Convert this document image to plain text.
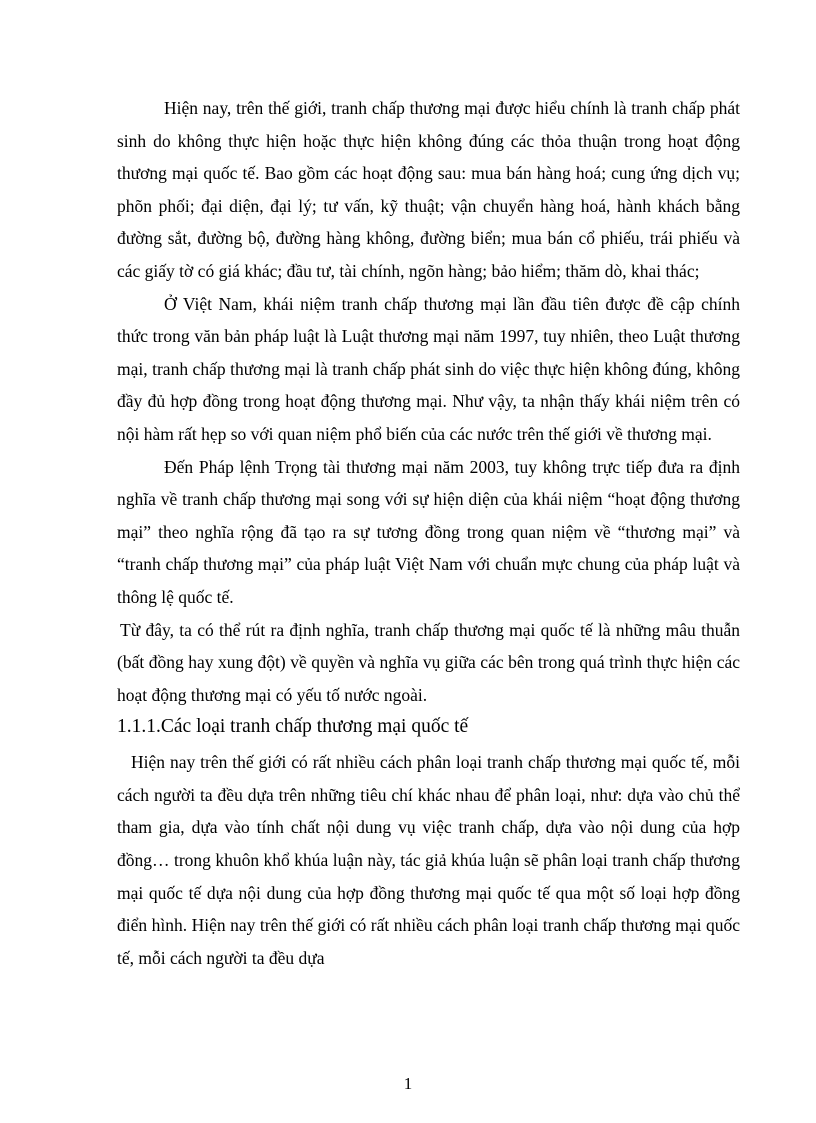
Hiện nay, trên thế giới, tranh chấp thương mại được hiểu chính là tranh chấp phát sinh do không thực hiện hoặc thực hiện không đúng các thỏa thuận trong hoạt động thương mại quốc tế. Bao gồm các hoạt động sau: mua bán hàng hoá; cung ứng dịch vụ; phõn phối; đại diện, đại lý; tư vấn, kỹ thuật; vận chuyển hàng hoá, hành khách bằng đường sắt, đường bộ, đường hàng không, đường biển; mua bán cổ phiếu, trái phiếu và các giấy tờ có giá khác; đầu tư, tài chính, ngõn hàng; bảo hiểm; thăm dò, khai thác;

Ở Việt Nam, khái niệm tranh chấp thương mại lần đầu tiên được đề cập chính thức trong văn bản pháp luật là Luật thương mại năm 1997, tuy nhiên, theo Luật thương mại, tranh chấp thương mại là tranh chấp phát sinh do việc thực hiện không đúng, không đầy đủ hợp đồng trong hoạt động thương mại. Như vậy, ta nhận thấy khái niệm trên có nội hàm rất hẹp so với quan niệm phổ biến của các nước trên thế giới về thương mại.

Đến Pháp lệnh Trọng tài thương mại năm 2003, tuy không trực tiếp đưa ra định nghĩa về tranh chấp thương mại song với sự hiện diện của khái niệm “hoạt động thương mại” theo nghĩa rộng đã tạo ra sự tương đồng trong quan niệm về “thương mại” và “tranh chấp thương mại” của pháp luật Việt Nam với chuẩn mực chung của pháp luật và thông lệ quốc tế.

Từ đây, ta có thể rút ra định nghĩa, tranh chấp thương mại quốc tế là những mâu thuẫn (bất đồng hay xung đột) về quyền và nghĩa vụ giữa các bên trong quá trình thực hiện các hoạt động thương mại có yếu tố nước ngoài.

1.1.1.Các loại tranh chấp thương mại quốc tế

Hiện nay trên thế giới có rất nhiều cách phân loại tranh chấp thương mại quốc tế, mỗi cách người ta đều dựa trên những tiêu chí khác nhau để phân loại, như: dựa vào chủ thể tham gia, dựa vào tính chất nội dung vụ việc tranh chấp, dựa vào nội dung của hợp đồng… trong khuôn khổ khúa luận này, tác giả khúa luận sẽ phân loại tranh chấp thương mại quốc tế dựa nội dung của hợp đồng thương mại quốc tế qua một số loại hợp đồng điển hình. Hiện nay trên thế giới có rất nhiều cách phân loại tranh chấp thương mại quốc tế, mỗi cách người ta đều dựa

1
